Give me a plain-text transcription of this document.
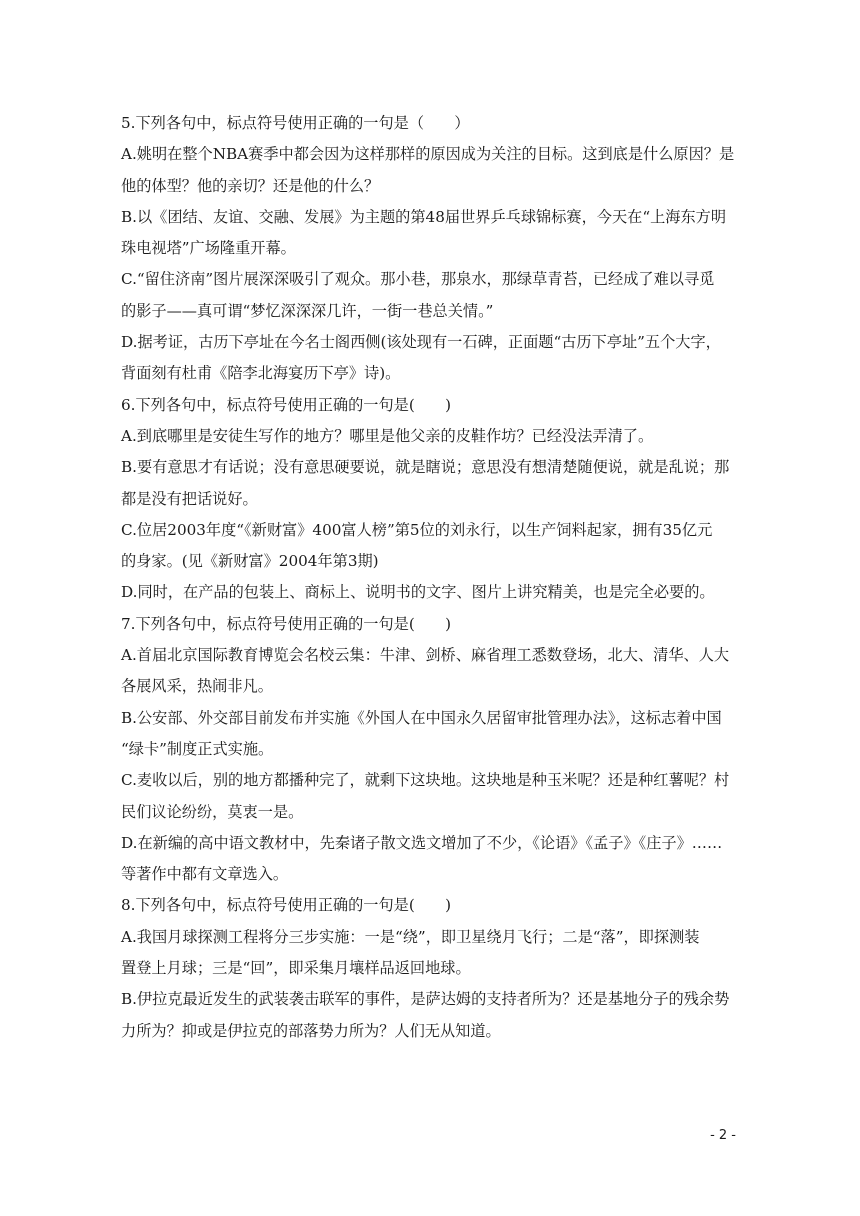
5.下列各句中，标点符号使用正确的一句是（　　）
A.姚明在整个NBA赛季中都会因为这样那样的原因成为关注的目标。这到底是什么原因？是
他的体型？他的亲切？还是他的什么？
B.以《团结、友谊、交融、发展》为主题的第48届世界乒乓球锦标赛，今天在“上海东方明
珠电视塔”广场隆重开幕。
C.“留住济南”图片展深深吸引了观众。那小巷，那泉水，那绿草青苔，已经成了难以寻觅
的影子——真可谓“梦忆深深深几许，一街一巷总关情。”
D.据考证，古历下亭址在今名士阁西侧(该处现有一石碑，正面题“古历下亭址”五个大字，
背面刻有杜甫《陪李北海宴历下亭》诗)。
6.下列各句中，标点符号使用正确的一句是(　　)
A.到底哪里是安徒生写作的地方？哪里是他父亲的皮鞋作坊？已经没法弄清了。
B.要有意思才有话说；没有意思硬要说，就是瞎说；意思没有想清楚随便说，就是乱说；那
都是没有把话说好。
C.位居2003年度“《新财富》400富人榜”第5位的刘永行，以生产饲料起家，拥有35亿元
的身家。(见《新财富》2004年第3期)
D.同时，在产品的包装上、商标上、说明书的文字、图片上讲究精美，也是完全必要的。
7.下列各句中，标点符号使用正确的一句是(　　)
A.首届北京国际教育博览会名校云集：牛津、剑桥、麻省理工悉数登场，北大、清华、人大
各展风采，热闹非凡。
B.公安部、外交部目前发布并实施《外国人在中国永久居留审批管理办法》，这标志着中国
“绿卡”制度正式实施。
C.麦收以后，别的地方都播种完了，就剩下这块地。这块地是种玉米呢？还是种红薯呢？村
民们议论纷纷，莫衷一是。
D.在新编的高中语文教材中，先秦诸子散文选文增加了不少，《论语》《孟子》《庄子》……
等著作中都有文章选入。
8.下列各句中，标点符号使用正确的一句是(　　)
A.我国月球探测工程将分三步实施：一是“绕”，即卫星绕月飞行；二是“落”，即探测装
置登上月球；三是“回”，即采集月壤样品返回地球。
B.伊拉克最近发生的武装袭击联军的事件，是萨达姆的支持者所为？还是基地分子的残余势
力所为？抑或是伊拉克的部落势力所为？人们无从知道。
- 2 -
